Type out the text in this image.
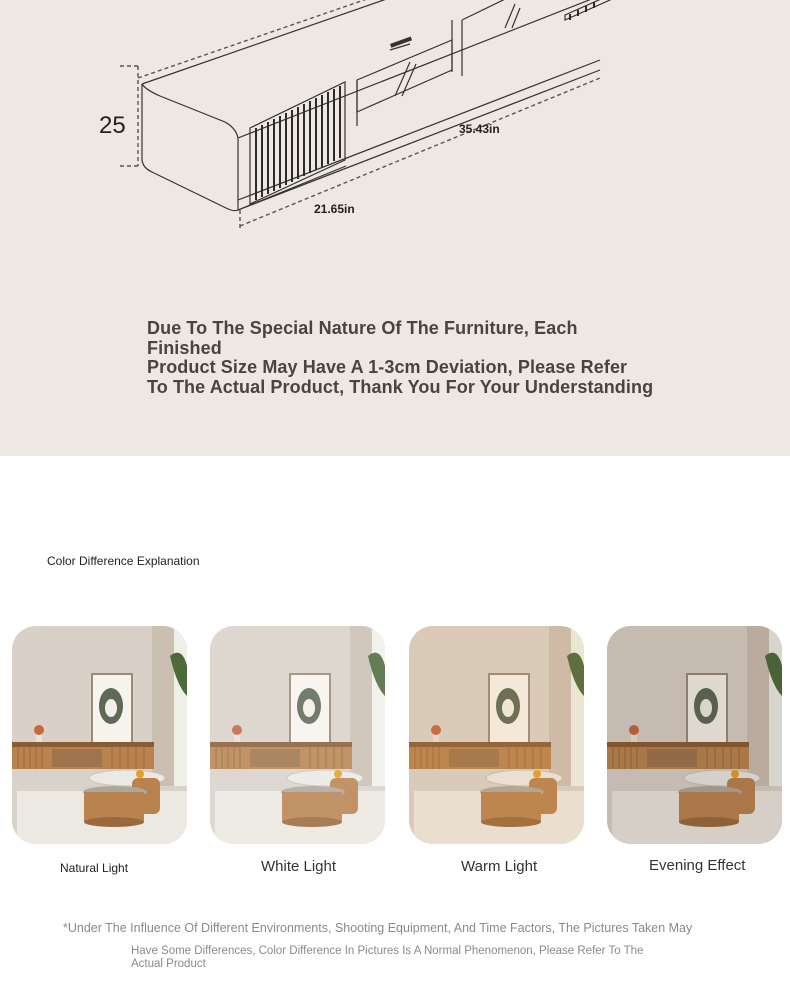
25	35.43in
21.65in
Due To The Special Nature Of The Furniture, Each Finished
Product Size May Have A 1-3cm Deviation, Please Refer
To The Actual Product, Thank You For Your Understanding
Color Difference Explanation
Natural Light	White Light	Warm Light	Evening Effect
*Under The Influence Of Different Environments, Shooting Equipment, And Time Factors, The Pictures Taken May
Have Some Differences, Color Difference In Pictures Is A Normal Phenomenon, Please Refer To The Actual Product
